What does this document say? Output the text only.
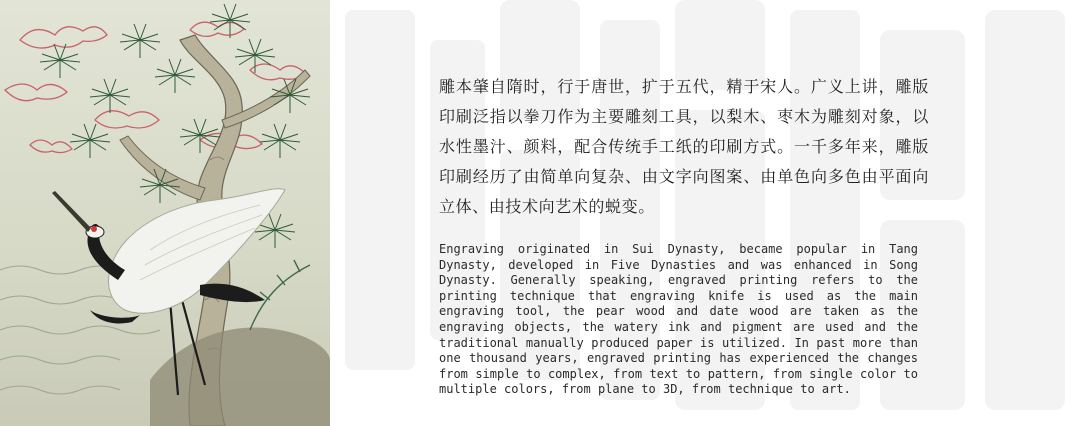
雕本肇自隋时，行于唐世，扩于五代，精于宋人。广义上讲，雕版印刷泛指以拳刀作为主要雕刻工具，以梨木、枣木为雕刻对象，以水性墨汁、颜料，配合传统手工纸的印刷方式。一千多年来，雕版印刷经历了由简单向复杂、由文字向图案、由单色向多色由平面向立体、由技术向艺术的蜕变。

Engraving originated in Sui Dynasty, became popular in Tang Dynasty, developed in Five Dynasties and was enhanced in Song Dynasty. Generally speaking, engraved printing refers to the printing technique that engraving knife is used as the main engraving tool, the pear wood and date wood are taken as the engraving objects, the watery ink and pigment are used and the traditional manually produced paper is utilized. In past more than one thousand years, engraved printing has experienced the changes from simple to complex, from text to pattern, from single color to multiple colors, from plane to 3D, from technique to art.
